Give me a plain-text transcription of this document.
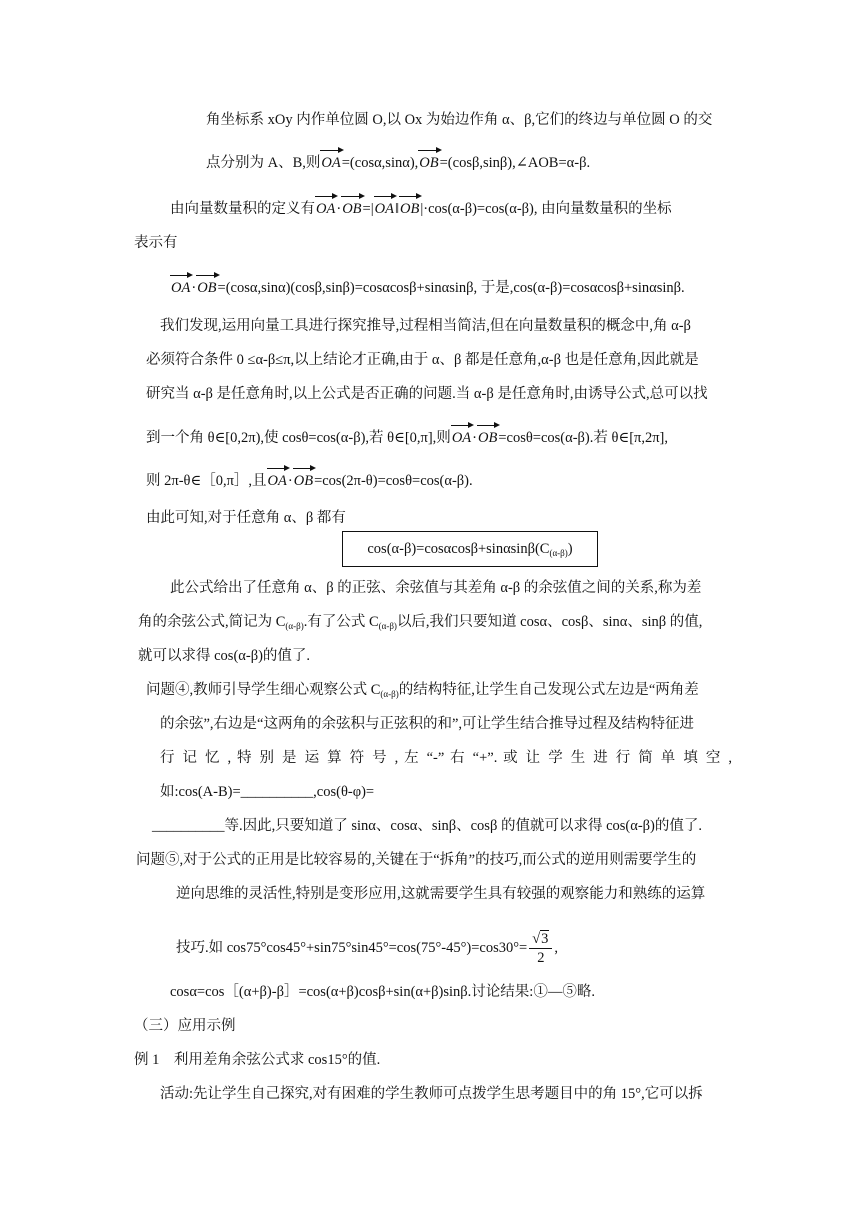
角坐标系 xOy 内作单位圆 O,以 Ox 为始边作角 α、β,它们的终边与单位圆 O 的交
点分别为 A、B,则OA=(cosα,sinα),OB=(cosβ,sinβ),∠AOB=α-β.
由向量数量积的定义有OA·OB=|OA‖OB|·cos(α-β)=cos(α-β), 由向量数量积的坐标
表示有
OA·OB=(cosα,sinα)(cosβ,sinβ)=cosαcosβ+sinαsinβ, 于是,cos(α-β)=cosαcosβ+sinαsinβ.
我们发现,运用向量工具进行探究推导,过程相当简洁,但在向量数量积的概念中,角 α-β
必须符合条件 0 ≤α-β≤π,以上结论才正确,由于 α、β 都是任意角,α-β 也是任意角,因此就是
研究当 α-β 是任意角时,以上公式是否正确的问题.当 α-β 是任意角时,由诱导公式,总可以找
到一个角 θ∈[0,2π),使 cosθ=cos(α-β),若 θ∈[0,π],则OA·OB=cosθ=cos(α-β).若 θ∈[π,2π],
则 2π-θ∈［0,π］,且OA·OB=cos(2π-θ)=cosθ=cos(α-β).
由此可知,对于任意角 α、β 都有
$\cos(\alpha-\beta)=\cos\alpha\cos\beta+\sin\alpha\sin\beta(C_{(\alpha-\beta)})$
此公式给出了任意角 α、β 的正弦、余弦值与其差角 α-β 的余弦值之间的关系,称为差
角的余弦公式,简记为 $C_{(\alpha-\beta)}$.有了公式 $C_{(\alpha-\beta)}$以后,我们只要知道 cosα、cosβ、sinα、sinβ 的值,
就可以求得 cos(α-β)的值了.
问题④,教师引导学生细心观察公式 $C_{(\alpha-\beta)}$的结构特征,让学生自己发现公式左边是“两角差
的余弦”,右边是“这两角的余弦积与正弦积的和”,可让学生结合推导过程及结构特征进
行 记 忆 , 特 别 是 运 算 符 号 , 左 “-” 右 “+”. 或 让 学 生 进 行 简 单 填 空 ,
如:cos(A-B)=__________,cos(θ-φ)=
__________等.因此,只要知道了 sinα、cosα、sinβ、cosβ 的值就可以求得 cos(α-β)的值了.
问题⑤,对于公式的正用是比较容易的,关键在于“拆角”的技巧,而公式的逆用则需要学生的
逆向思维的灵活性,特别是变形应用,这就需要学生具有较强的观察能力和熟练的运算
技巧.如 $\cos 75^\circ\cos 45^\circ+\sin 75^\circ\sin 45^\circ=\cos(75^\circ-45^\circ)=\cos 30^\circ= \frac{√3}{2}$ ,
cosα=cos［(α+β)-β］=cos(α+β)cosβ+sin(α+β)sinβ.讨论结果:①—⑤略.
（三）应用示例
例 1　利用差角余弦公式求 cos15°的值.
活动:先让学生自己探究,对有困难的学生教师可点拨学生思考题目中的角 15°,它可以拆
